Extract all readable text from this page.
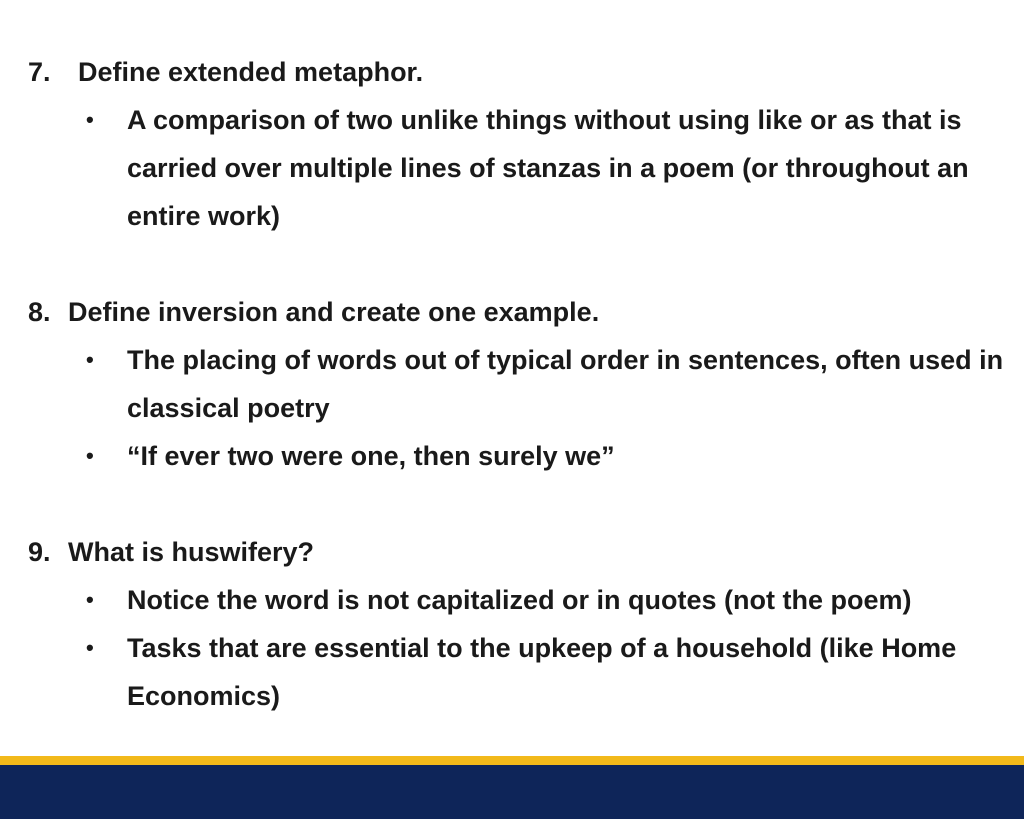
7. Define extended metaphor.
• A comparison of two unlike things without using like or as that is carried over multiple lines of stanzas in a poem (or throughout an entire work)
8. Define inversion and create one example.
• The placing of words out of typical order in sentences, often used in classical poetry
• “If ever two were one, then surely we”
9. What is huswifery?
• Notice the word is not capitalized or in quotes (not the poem)
• Tasks that are essential to the upkeep of a household (like Home Economics)
